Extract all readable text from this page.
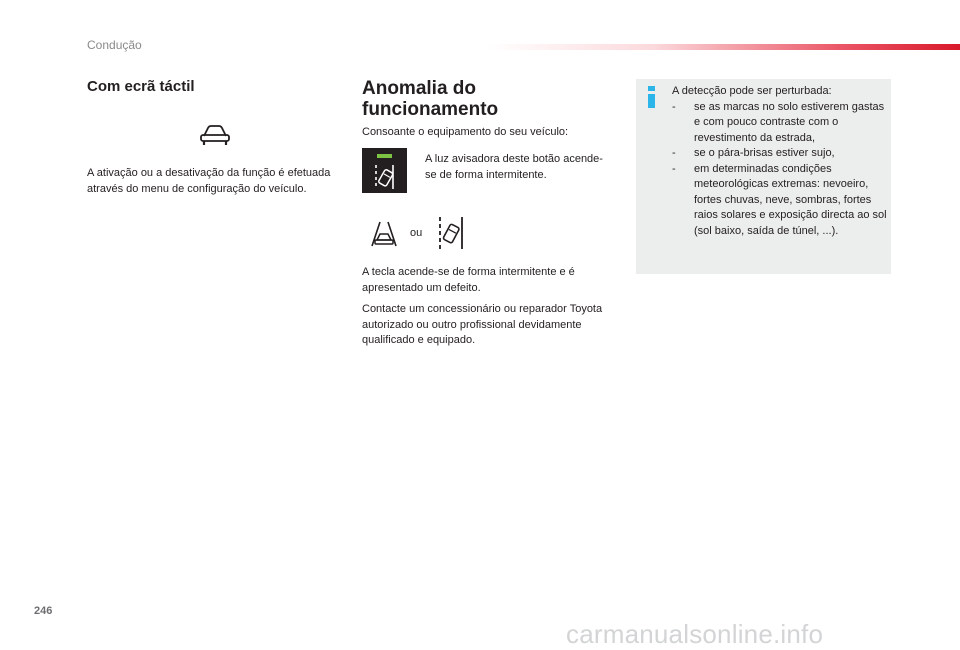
Condução
Com ecrã táctil
A ativação ou a desativação da função é efetuada através do menu de configuração do veículo.
Anomalia do funcionamento
Consoante o equipamento do seu veículo:
A luz avisadora deste botão acende-se de forma intermitente.
ou
A tecla acende-se de forma intermitente e é apresentado um defeito.
Contacte um concessionário ou reparador Toyota autorizado ou outro profissional devidamente qualificado e equipado.
A detecção pode ser perturbada:
- se as marcas no solo estiverem gastas e com pouco contraste com o revestimento da estrada,
- se o pára-brisas estiver sujo,
- em determinadas condições meteorológicas extremas: nevoeiro, fortes chuvas, neve, sombras, fortes raios solares e exposição directa ao sol (sol baixo, saída de túnel, ...).
246
carmanualsonline.info
